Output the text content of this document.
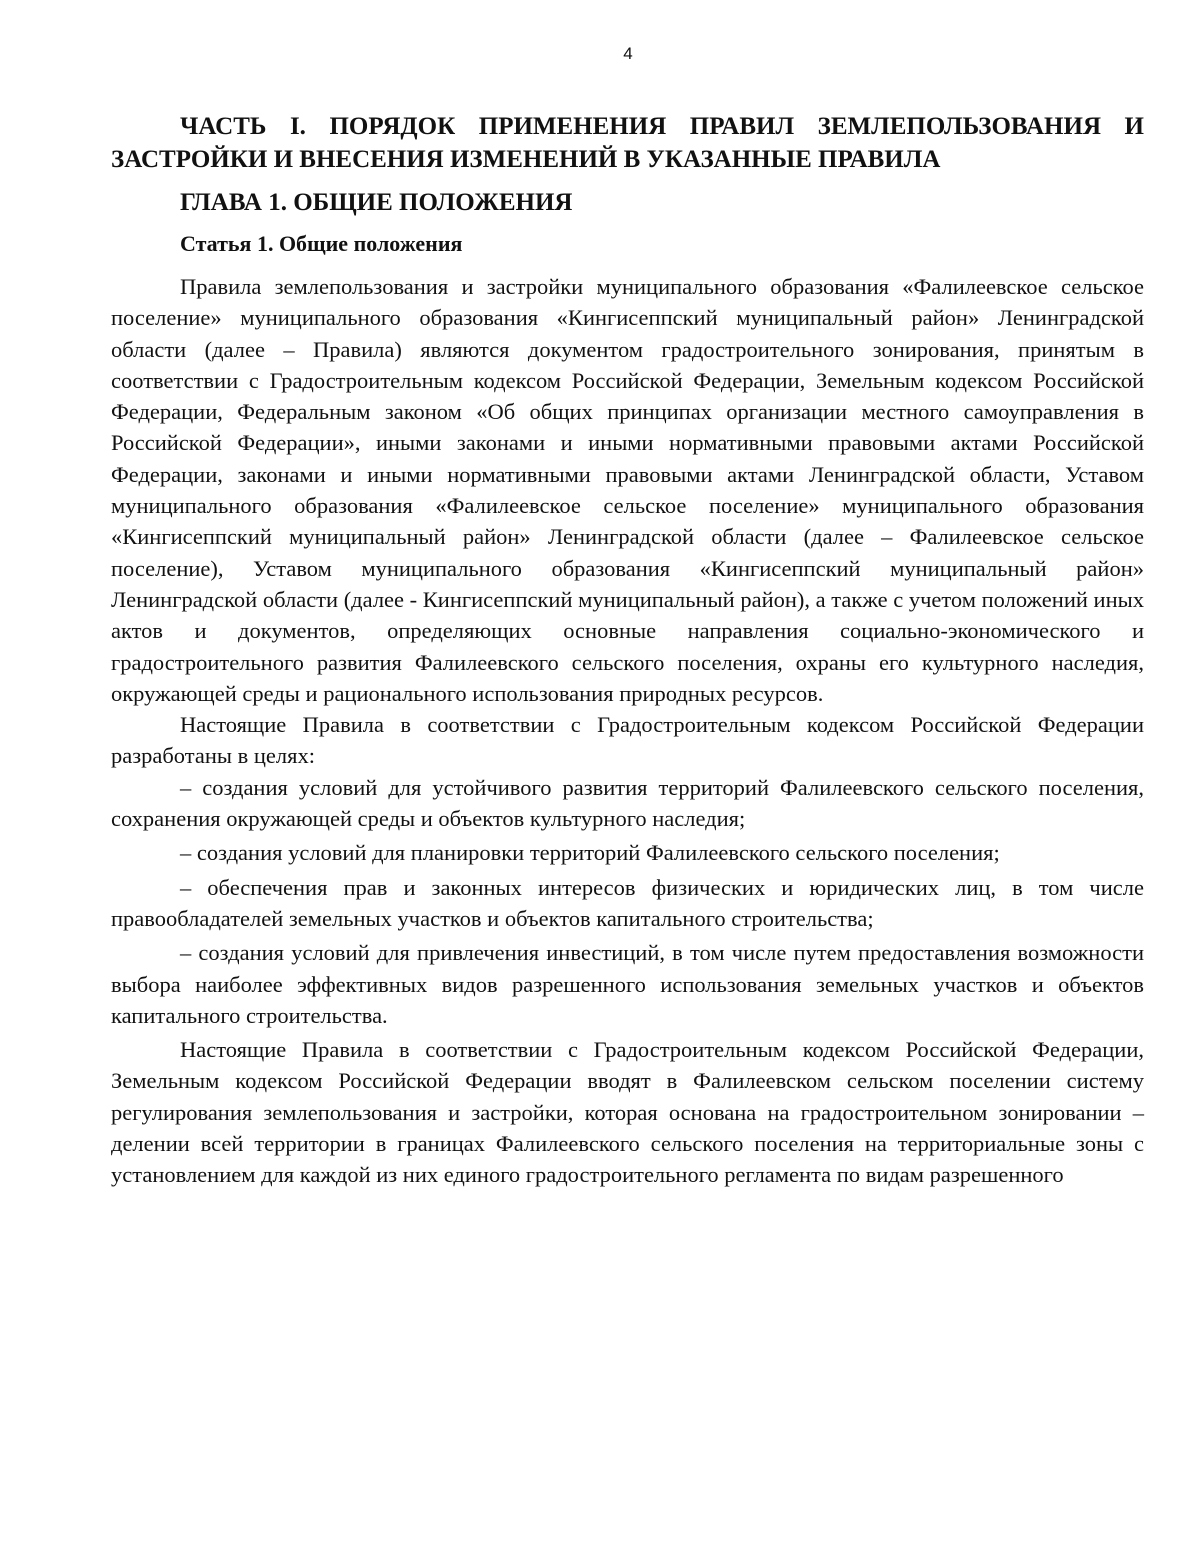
4

ЧАСТЬ I. ПОРЯДОК ПРИМЕНЕНИЯ ПРАВИЛ ЗЕМЛЕПОЛЬЗОВАНИЯ И ЗАСТРОЙКИ И ВНЕСЕНИЯ ИЗМЕНЕНИЙ В УКАЗАННЫЕ ПРАВИЛА

ГЛАВА 1. ОБЩИЕ ПОЛОЖЕНИЯ
Статья 1. Общие положения

Правила землепользования и застройки муниципального образования «Фалилеевское сельское поселение» муниципального образования «Кингисеппский муниципальный район» Ленинградской области (далее – Правила) являются документом градостроительного зонирования, принятым в соответствии с Градостроительным кодексом Российской Федерации, Земельным кодексом Российской Федерации, Федеральным законом «Об общих принципах организации местного самоуправления в Российской Федерации», иными законами и иными нормативными правовыми актами Российской Федерации, законами и иными нормативными правовыми актами Ленинградской области, Уставом муниципального образования «Фалилеевское сельское поселение» муниципального образования «Кингисеппский муниципальный район» Ленинградской области (далее – Фалилеевское сельское поселение), Уставом муниципального образования «Кингисеппский муниципальный район» Ленинградской области (далее - Кингисеппский муниципальный район), а также с учетом положений иных актов и документов, определяющих основные направления социально-экономического и градостроительного развития Фалилеевского сельского поселения, охраны его культурного наследия, окружающей среды и рационального использования природных ресурсов.

Настоящие Правила в соответствии с Градостроительным кодексом Российской Федерации разработаны в целях:

– создания условий для устойчивого развития территорий Фалилеевского сельского поселения, сохранения окружающей среды и объектов культурного наследия;

– создания условий для планировки территорий Фалилеевского сельского поселения;

– обеспечения прав и законных интересов физических и юридических лиц, в том числе правообладателей земельных участков и объектов капитального строительства;

– создания условий для привлечения инвестиций, в том числе путем предоставления возможности выбора наиболее эффективных видов разрешенного использования земельных участков и объектов капитального строительства.

Настоящие Правила в соответствии с Градостроительным кодексом Российской Федерации, Земельным кодексом Российской Федерации вводят в Фалилеевском сельском поселении систему регулирования землепользования и застройки, которая основана на градостроительном зонировании – делении всей территории в границах Фалилеевского сельского поселения на территориальные зоны с установлением для каждой из них единого градостроительного регламента по видам разрешенного
